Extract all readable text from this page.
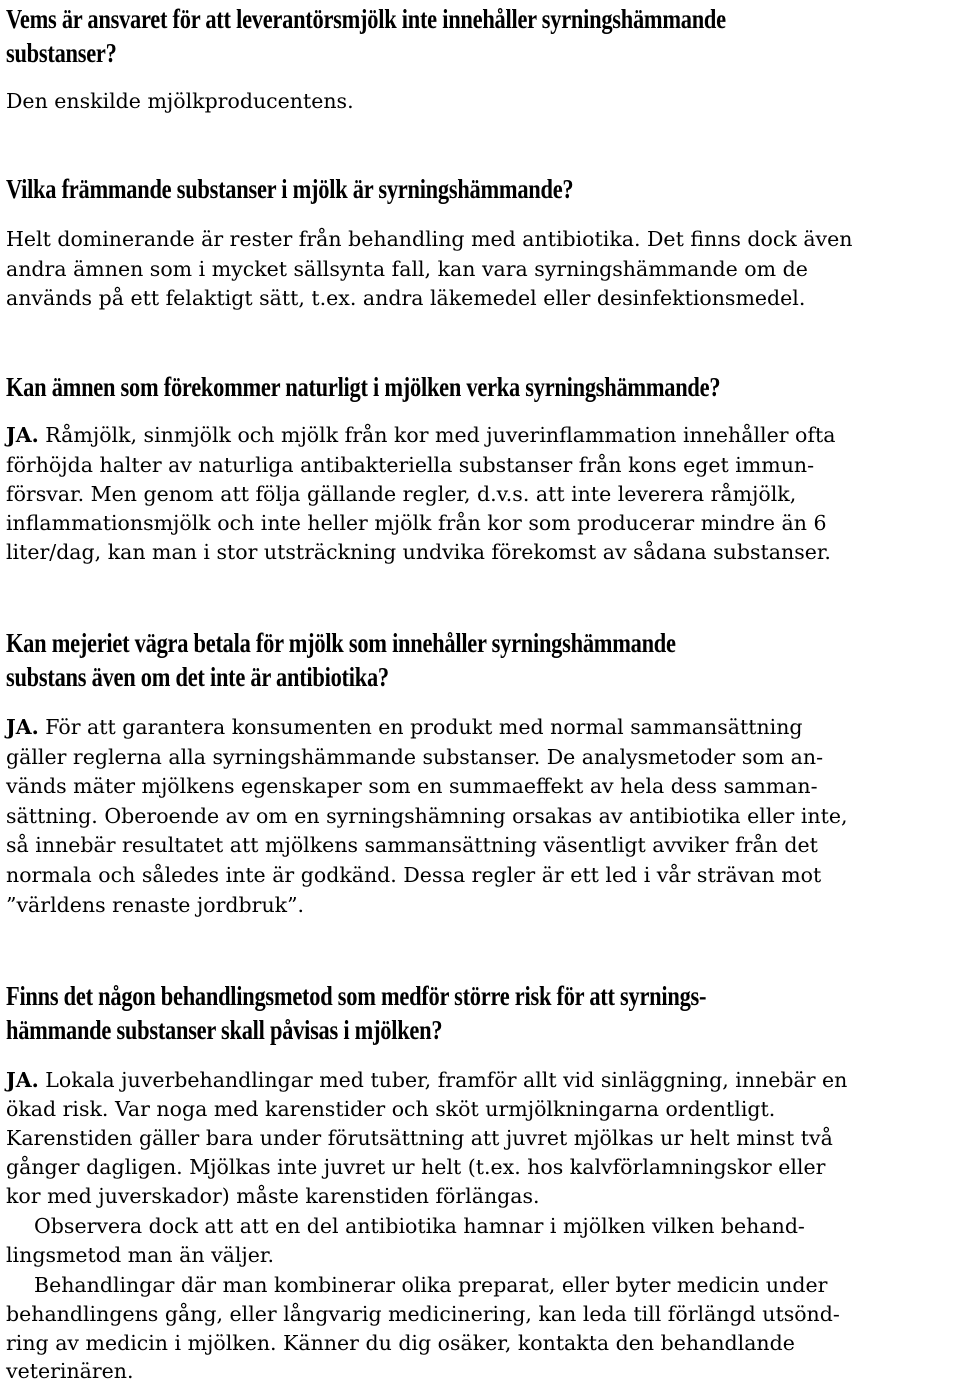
Vems är ansvaret för att leverantörsmjölk inte innehåller syrningshämmande
substanser?
Den enskilde mjölkproducentens.
Vilka främmande substanser i mjölk är syrningshämmande?
Helt dominerande är rester från behandling med antibiotika. Det finns dock även
andra ämnen som i mycket sällsynta fall, kan vara syrningshämmande om de
används på ett felaktigt sätt, t.ex. andra läkemedel eller desinfektionsmedel.
Kan ämnen som förekommer naturligt i mjölken verka syrningshämmande?
JA. Råmjölk, sinmjölk och mjölk från kor med juverinflammation innehåller ofta
förhöjda halter av naturliga antibakteriella substanser från kons eget immun-
försvar. Men genom att följa gällande regler, d.v.s. att inte leverera råmjölk,
inflammationsmjölk och inte heller mjölk från kor som producerar mindre än 6
liter/dag, kan man i stor utsträckning undvika förekomst av sådana substanser.
Kan mejeriet vägra betala för mjölk som innehåller syrningshämmande
substans även om det inte är antibiotika?
JA. För att garantera konsumenten en produkt med normal sammansättning
gäller reglerna alla syrningshämmande substanser. De analysmetoder som an-
vänds mäter mjölkens egenskaper som en summaeffekt av hela dess samman-
sättning. Oberoende av om en syrningshämning orsakas av antibiotika eller inte,
så innebär resultatet att mjölkens sammansättning väsentligt avviker från det
normala och således inte är godkänd. Dessa regler är ett led i vår strävan mot
”världens renaste jordbruk”.
Finns det någon behandlingsmetod som medför större risk för att syrnings-
hämmande substanser skall påvisas i mjölken?
JA. Lokala juverbehandlingar med tuber, framför allt vid sinläggning, innebär en
ökad risk. Var noga med karenstider och sköt urmjölkningarna ordentligt.
Karenstiden gäller bara under förutsättning att juvret mjölkas ur helt minst två
gånger dagligen. Mjölkas inte juvret ur helt (t.ex. hos kalvförlamningskor eller
kor med juverskador) måste karenstiden förlängas.
Observera dock att att en del antibiotika hamnar i mjölken vilken behand-
lingsmetod man än väljer.
Behandlingar där man kombinerar olika preparat, eller byter medicin under
behandlingens gång, eller långvarig medicinering, kan leda till förlängd utsönd-
ring av medicin i mjölken. Känner du dig osäker, kontakta den behandlande
veterinären.
